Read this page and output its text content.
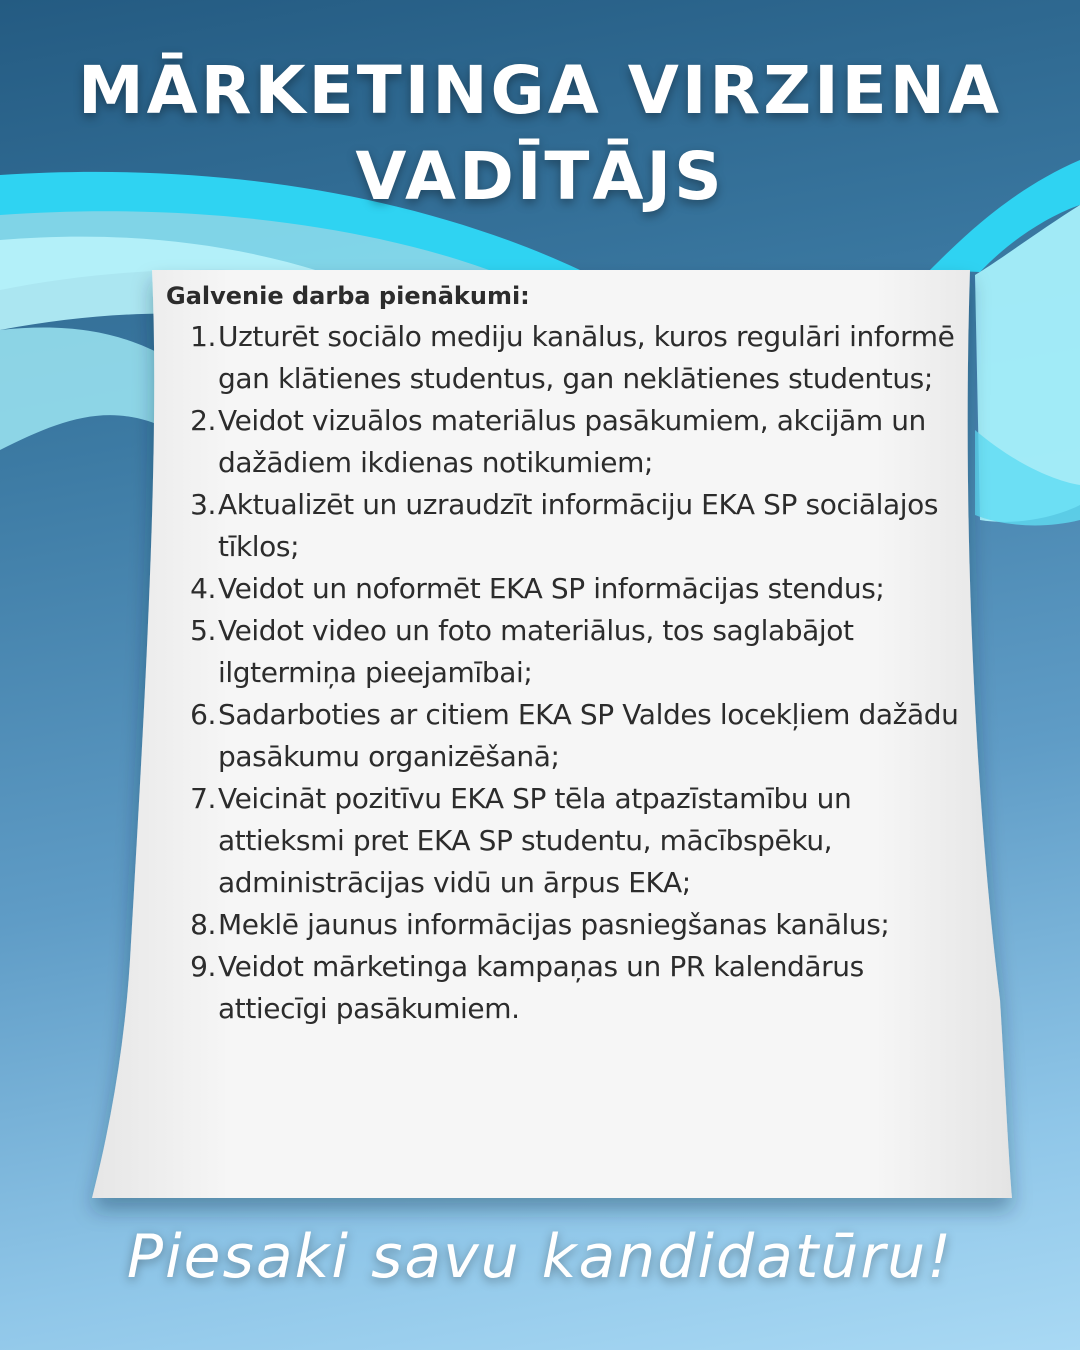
MĀRKETINGA VIRZIENA
VADĪTĀJS
Galvenie darba pienākumi:
1. Uzturēt sociālo mediju kanālus, kuros regulāri informē gan klātienes studentus, gan neklātienes studentus;
2. Veidot vizuālos materiālus pasākumiem, akcijām un dažādiem ikdienas notikumiem;
3. Aktualizēt un uzraudzīt informāciju EKA SP sociālajos tīklos;
4. Veidot un noformēt EKA SP informācijas stendus;
5. Veidot video un foto materiālus, tos saglabājot ilgtermiņa pieejamībai;
6. Sadarboties ar citiem EKA SP Valdes locekļiem dažādu pasākumu organizēšanā;
7. Veicināt pozitīvu EKA SP tēla atpazīstamību un attieksmi pret EKA SP studentu, mācībspēku, administrācijas vidū un ārpus EKA;
8. Meklē jaunus informācijas pasniegšanas kanālus;
9. Veidot mārketinga kampaņas un PR kalendārus attiecīgi pasākumiem.
Piesaki savu kandidatūru!
